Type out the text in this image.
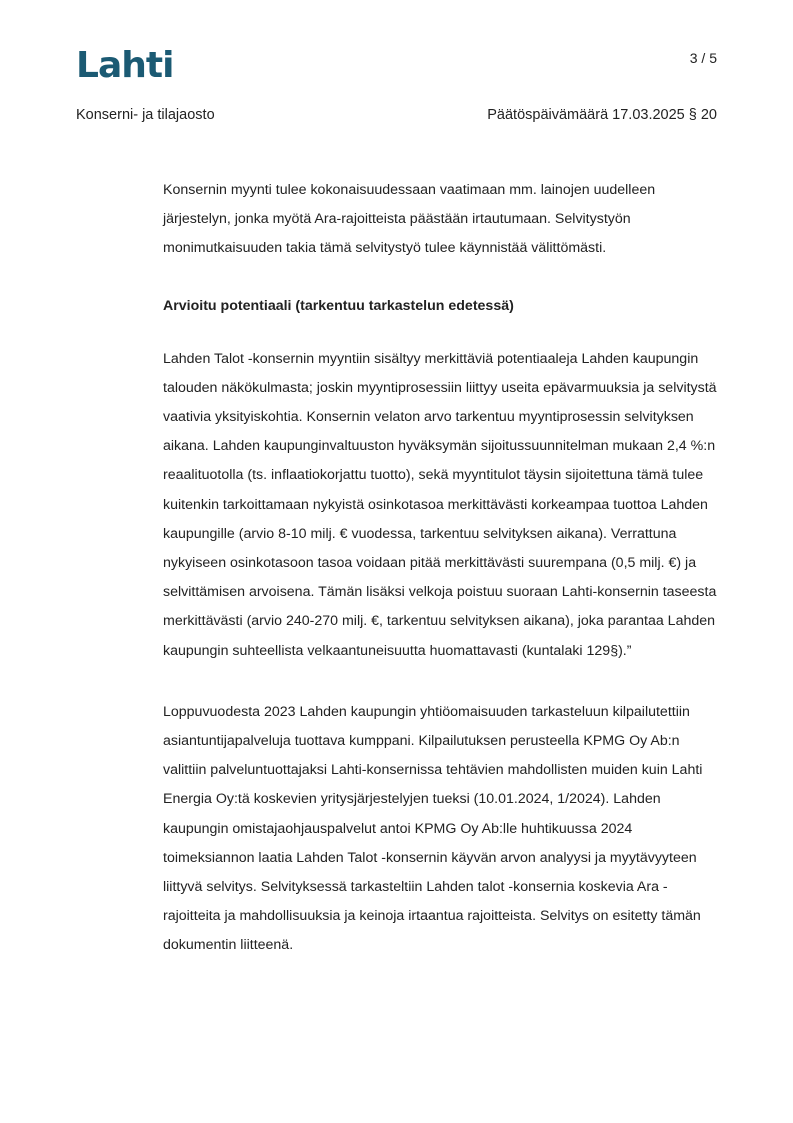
Lahti	3 / 5
Konserni- ja tilajaosto	Päätöspäivämäärä 17.03.2025 § 20

Konsernin myynti tulee kokonaisuudessaan vaatimaan mm. lainojen uudelleen järjestelyn, jonka myötä Ara-rajoitteista päästään irtautumaan. Selvitystyön monimutkaisuuden takia tämä selvitystyö tulee käynnistää välittömästi.

Arvioitu potentiaali (tarkentuu tarkastelun edetessä)

Lahden Talot -konsernin myyntiin sisältyy merkittäviä potentiaaleja Lahden kaupungin talouden näkökulmasta; joskin myyntiprosessiin liittyy useita epävarmuuksia ja selvitystä vaativia yksityiskohtia. Konsernin velaton arvo tarkentuu myyntiprosessin selvityksen aikana. Lahden kaupunginvaltuuston hyväksymän sijoitussuunnitelman mukaan 2,4 %:n reaalituotolla (ts. inflaatiokorjattu tuotto), sekä myyntitulot täysin sijoitettuna tämä tulee kuitenkin tarkoittamaan nykyistä osinkotasoa merkittävästi korkeampaa tuottoa Lahden kaupungille (arvio 8-10 milj. € vuodessa, tarkentuu selvityksen aikana). Verrattuna nykyiseen osinkotasoon tasoa voidaan pitää merkittävästi suurempana (0,5 milj. €) ja selvittämisen arvoisena. Tämän lisäksi velkoja poistuu suoraan Lahti-konsernin taseesta merkittävästi (arvio 240-270 milj. €, tarkentuu selvityksen aikana), joka parantaa Lahden kaupungin suhteellista velkaantuneisuutta huomattavasti (kuntalaki 129§).”

Loppuvuodesta 2023 Lahden kaupungin yhtiöomaisuuden tarkasteluun kilpailutettiin asiantuntijapalveluja tuottava kumppani. Kilpailutuksen perusteella KPMG Oy Ab:n valittiin palveluntuottajaksi Lahti-konsernissa tehtävien mahdollisten muiden kuin Lahti Energia Oy:tä koskevien yritysjärjestelyjen tueksi (10.01.2024, 1/2024). Lahden kaupungin omistajaohjauspalvelut antoi KPMG Oy Ab:lle huhtikuussa 2024 toimeksiannon laatia Lahden Talot -konsernin käyvän arvon analyysi ja myytävyyteen liittyvä selvitys. Selvityksessä tarkasteltiin Lahden talot -konsernia koskevia Ara -rajoitteita ja mahdollisuuksia ja keinoja irtaantua rajoitteista. Selvitys on esitetty tämän dokumentin liitteenä.
